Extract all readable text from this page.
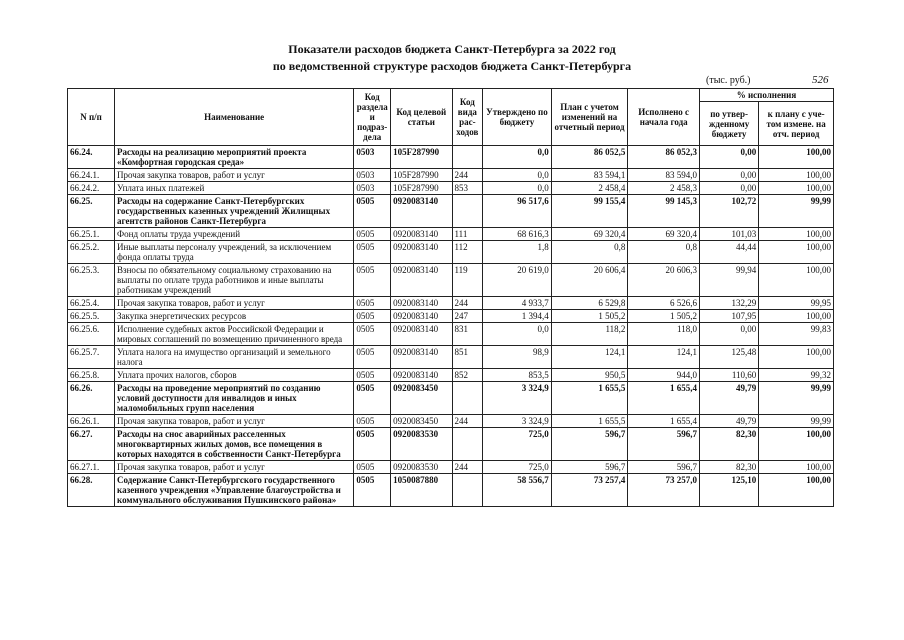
Показатели расходов бюджета Санкт-Петербурга за 2022 год
по ведомственной структуре расходов бюджета Санкт-Петербурга
(тыс. руб.)	526
N п/п	Наименование	Код раздела и подраз-дела	Код целевой статьи	Код вида рас-ходов	Утверждено по бюджету	План с учетом изменений на отчетный период	Исполнено с начала года	% исполнения	
								по утвер-жденному бюджету	к плану с уче-том измене. на отч. период
66.24.	Расходы на реализацию мероприятий проекта «Комфортная городская среда»	0503	105F287990		0,0	86 052,5	86 052,3	0,00	100,00
66.24.1.	Прочая закупка товаров, работ и услуг	0503	105F287990	244	0,0	83 594,1	83 594,0	0,00	100,00
66.24.2.	Уплата иных платежей	0503	105F287990	853	0,0	2 458,4	2 458,3	0,00	100,00
66.25.	Расходы на содержание Санкт-Петербургских государственных казенных учреждений Жилищных агентств районов Санкт-Петербурга	0505	0920083140		96 517,6	99 155,4	99 145,3	102,72	99,99
66.25.1.	Фонд оплаты труда учреждений	0505	0920083140	111	68 616,3	69 320,4	69 320,4	101,03	100,00
66.25.2.	Иные выплаты персоналу учреждений, за исключением фонда оплаты труда	0505	0920083140	112	1,8	0,8	0,8	44,44	100,00
66.25.3.	Взносы по обязательному социальному страхованию на выплаты по оплате труда работников и иные выплаты работникам учреждений	0505	0920083140	119	20 619,0	20 606,4	20 606,3	99,94	100,00
66.25.4.	Прочая закупка товаров, работ и услуг	0505	0920083140	244	4 933,7	6 529,8	6 526,6	132,29	99,95
66.25.5.	Закупка энергетических ресурсов	0505	0920083140	247	1 394,4	1 505,2	1 505,2	107,95	100,00
66.25.6.	Исполнение судебных актов Российской Федерации и мировых соглашений по возмещению причиненного вреда	0505	0920083140	831	0,0	118,2	118,0	0,00	99,83
66.25.7.	Уплата налога на имущество организаций и земельного налога	0505	0920083140	851	98,9	124,1	124,1	125,48	100,00
66.25.8.	Уплата прочих налогов, сборов	0505	0920083140	852	853,5	950,5	944,0	110,60	99,32
66.26.	Расходы на проведение мероприятий по созданию условий доступности для инвалидов и иных маломобильных групп населения	0505	0920083450		3 324,9	1 655,5	1 655,4	49,79	99,99
66.26.1.	Прочая закупка товаров, работ и услуг	0505	0920083450	244	3 324,9	1 655,5	1 655,4	49,79	99,99
66.27.	Расходы на снос аварийных расселенных многоквартирных жилых домов, все помещения в которых находятся в собственности Санкт-Петербурга	0505	0920083530		725,0	596,7	596,7	82,30	100,00
66.27.1.	Прочая закупка товаров, работ и услуг	0505	0920083530	244	725,0	596,7	596,7	82,30	100,00
66.28.	Содержание Санкт-Петербургского государственного казенного учреждения «Управление благоустройства и коммунального обслуживания Пушкинского района»	0505	1050087880		58 556,7	73 257,4	73 257,0	125,10	100,00
